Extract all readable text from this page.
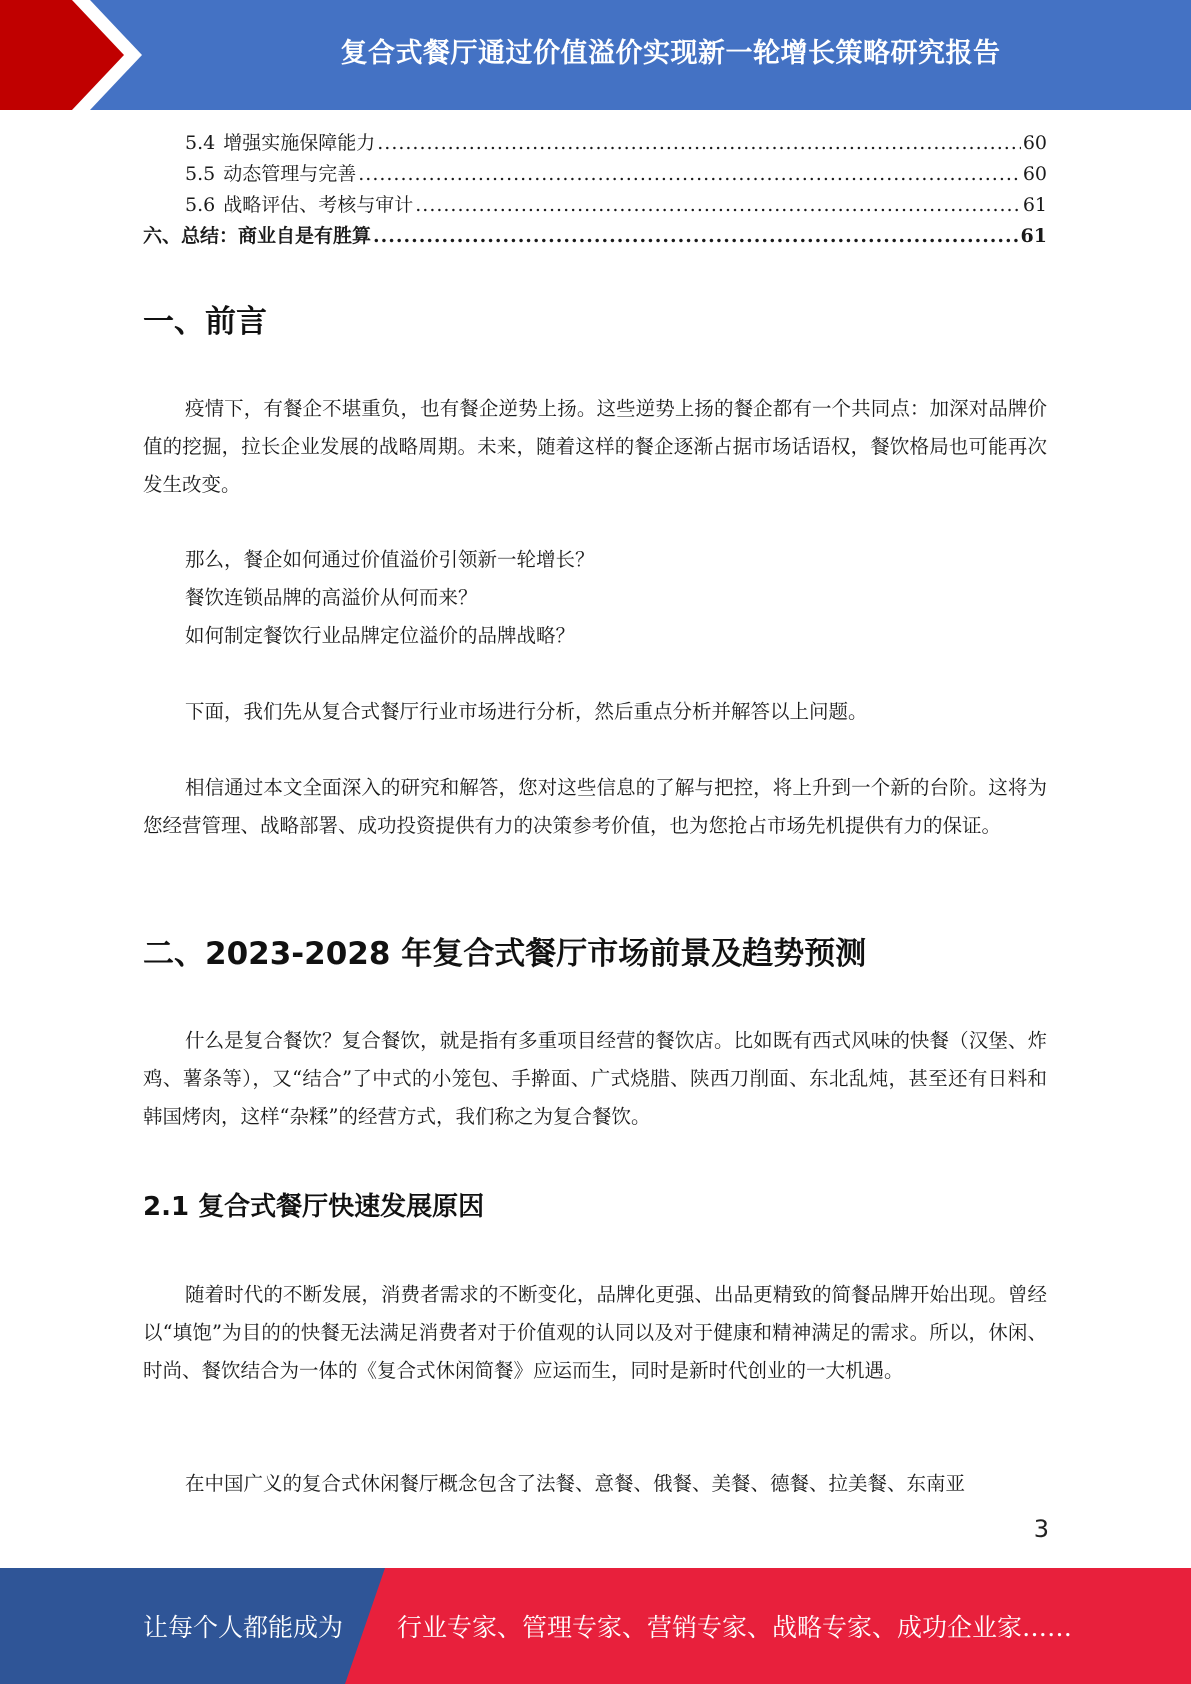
复合式餐厅通过价值溢价实现新一轮增长策略研究报告
5.4 增强实施保障能力 .....	60
5.5 动态管理与完善 .....	60
5.6 战略评估、考核与审计 .....	61
六、总结：商业自是有胜算 .....	61
一、前言

疫情下，有餐企不堪重负，也有餐企逆势上扬。这些逆势上扬的餐企都有一个共同点：加深对品牌价值的挖掘，拉长企业发展的战略周期。未来，随着这样的餐企逐渐占据市场话语权，餐饮格局也可能再次发生改变。

那么，餐企如何通过价值溢价引领新一轮增长？

餐饮连锁品牌的高溢价从何而来？

如何制定餐饮行业品牌定位溢价的品牌战略？

下面，我们先从复合式餐厅行业市场进行分析，然后重点分析并解答以上问题。

相信通过本文全面深入的研究和解答，您对这些信息的了解与把控，将上升到一个新的台阶。这将为您经营管理、战略部署、成功投资提供有力的决策参考价值，也为您抢占市场先机提供有力的保证。

二、2023-2028 年复合式餐厅市场前景及趋势预测

什么是复合餐饮？复合餐饮，就是指有多重项目经营的餐饮店。比如既有西式风味的快餐（汉堡、炸鸡、薯条等），又“结合”了中式的小笼包、手擀面、广式烧腊、陕西刀削面、东北乱炖，甚至还有日料和韩国烤肉，这样“杂糅”的经营方式，我们称之为复合餐饮。

2.1 复合式餐厅快速发展原因

随着时代的不断发展，消费者需求的不断变化，品牌化更强、出品更精致的简餐品牌开始出现。曾经以“填饱”为目的的快餐无法满足消费者对于价值观的认同以及对于健康和精神满足的需求。所以，休闲、时尚、餐饮结合为一体的《复合式休闲简餐》应运而生，同时是新时代创业的一大机遇。

在中国广义的复合式休闲餐厅概念包含了法餐、意餐、俄餐、美餐、德餐、拉美餐、东南亚

3
让每个人都能成为 行业专家、管理专家、营销专家、战略专家、成功企业家……
